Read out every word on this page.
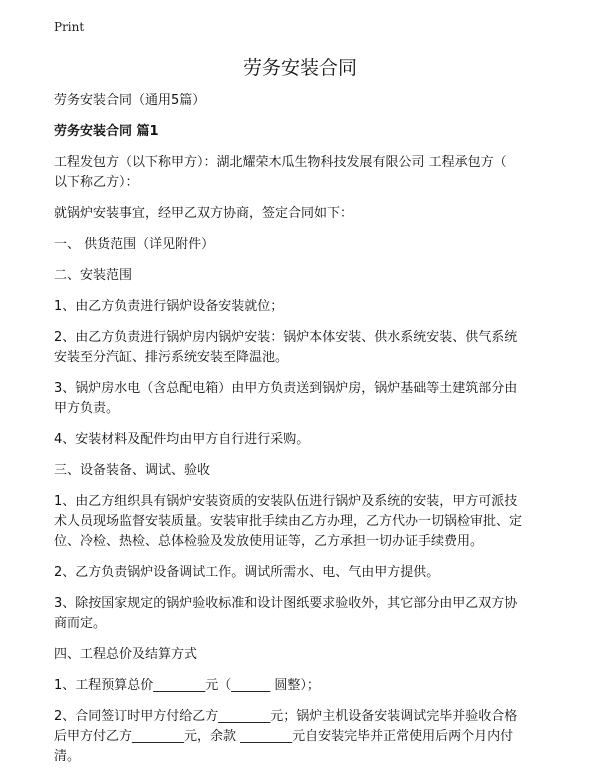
Print
劳务安装合同

劳务安装合同（通用5篇）

劳务安装合同 篇1

工程发包方（以下称甲方）：湖北耀荣木瓜生物科技发展有限公司 工程承包方（

以下称乙方）：

就锅炉安装事宜，经甲乙双方协商，签定合同如下：

一、 供货范围（详见附件）

二、安装范围

1、由乙方负责进行锅炉设备安装就位；

2、由乙方负责进行锅炉房内锅炉安装：锅炉本体安装、供水系统安装、供气系统

安装至分汽缸、排污系统安装至降温池。

3、锅炉房水电（含总配电箱）由甲方负责送到锅炉房，锅炉基础等土建筑部分由

甲方负责。

4、安装材料及配件均由甲方自行进行采购。

三、设备装备、调试、验收

1、由乙方组织具有锅炉安装资质的安装队伍进行锅炉及系统的安装，甲方可派技

术人员现场监督安装质量。安装审批手续由乙方办理，乙方代办一切锅检审批、定

位、冷检、热检、总体检验及发放使用证等，乙方承担一切办证手续费用。

2、乙方负责锅炉设备调试工作。调试所需水、电、气由甲方提供。

3、除按国家规定的锅炉验收标准和设计图纸要求验收外，其它部分由甲乙双方协

商而定。

四、工程总价及结算方式

1、工程预算总价________元（______ 圆整）；

2、合同签订时甲方付给乙方________元；锅炉主机设备安装调试完毕并验收合格

后甲方付乙方________元，余款 ________元自安装完毕并正常使用后两个月内付

清。
